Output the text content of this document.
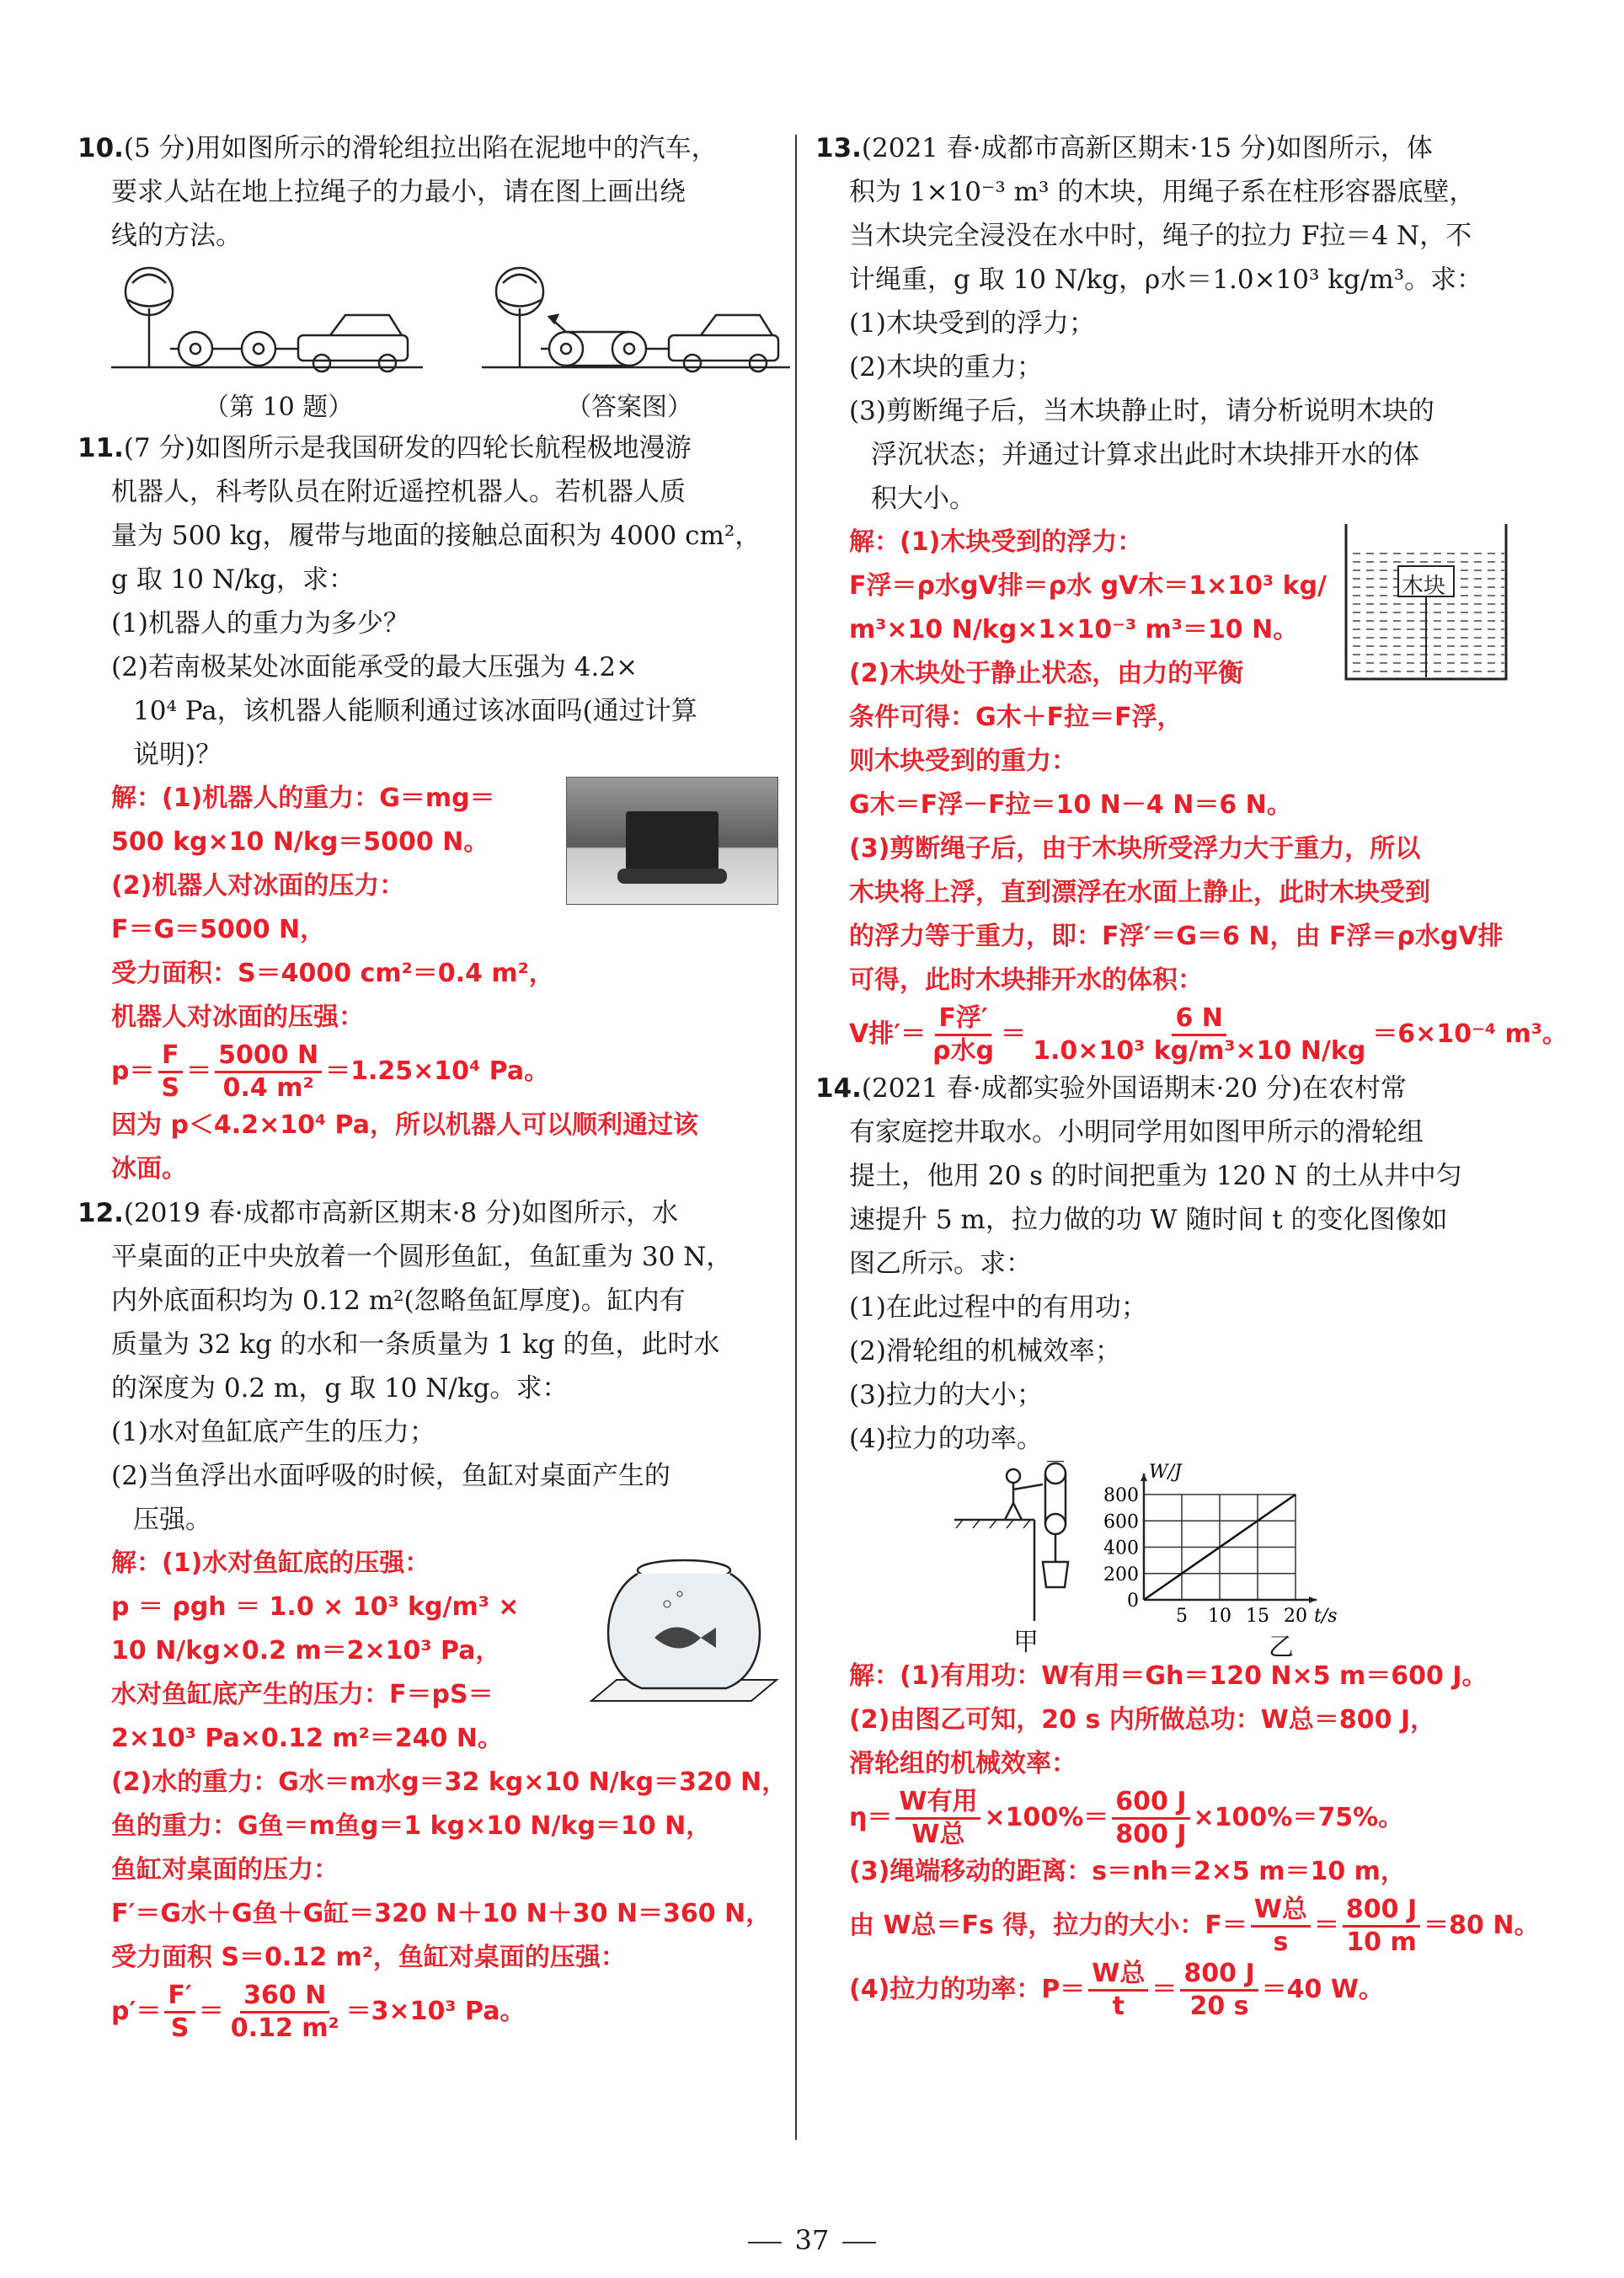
10.(5 分)用如图所示的滑轮组拉出陷在泥地中的汽车，

要求人站在地上拉绳子的力最小，请在图上画出绕

线的方法。

（第 10 题）	（答案图）

11.(7 分)如图所示是我国研发的四轮长航程极地漫游

机器人，科考队员在附近遥控机器人。若机器人质

量为 500 kg，履带与地面的接触总面积为 4000 cm²，

g 取 10 N/kg，求：

(1)机器人的重力为多少？

(2)若南极某处冰面能承受的最大压强为 4.2×

10⁴ Pa，该机器人能顺利通过该冰面吗(通过计算

说明)？

解：(1)机器人的重力：G＝mg＝

500 kg×10 N/kg＝5000 N。

(2)机器人对冰面的压力：

F＝G＝5000 N，

受力面积：S＝4000 cm²＝0.4 m²，

机器人对冰面的压强：

$p= \frac{F}{S} = \frac{5000 N}{\text{0.4 m²}} =1.25\times 10^4$ Pa。

因为 p＜4.2×10⁴ Pa，所以机器人可以顺利通过该

冰面。

12.(2019 春·成都市高新区期末·8 分)如图所示，水

平桌面的正中央放着一个圆形鱼缸，鱼缸重为 30 N，

内外底面积均为 0.12 m²(忽略鱼缸厚度)。缸内有

质量为 32 kg 的水和一条质量为 1 kg 的鱼，此时水

的深度为 0.2 m，g 取 10 N/kg。求：

(1)水对鱼缸底产生的压力；

(2)当鱼浮出水面呼吸的时候，鱼缸对桌面产生的

压强。

解：(1)水对鱼缸底的压强：

p ＝ ρgh ＝ 1.0 × 10³ kg/m³ ×

10 N/kg×0.2 m＝2×10³ Pa，

水对鱼缸底产生的压力：F＝pS＝

2×10³ Pa×0.12 m²＝240 N。

(2)水的重力：G水＝m水g＝32 kg×10 N/kg＝320 N，

鱼的重力：G鱼＝m鱼g＝1 kg×10 N/kg＝10 N，

鱼缸对桌面的压力：

F′＝G水＋G鱼＋G缸＝320 N＋10 N＋30 N＝360 N，

受力面积 S＝0.12 m²，鱼缸对桌面的压强：

$p'= \frac{F'}{S} = \frac{360 N}{\text{0.12 m²}} =3\times 10^3$ Pa。

13.(2021 春·成都市高新区期末·15 分)如图所示，体

积为 1×10⁻³ m³ 的木块，用绳子系在柱形容器底壁，

当木块完全浸没在水中时，绳子的拉力 F拉＝4 N，不

计绳重，g 取 10 N/kg，ρ水＝1.0×10³ kg/m³。求：

(1)木块受到的浮力；

(2)木块的重力；

(3)剪断绳子后，当木块静止时，请分析说明木块的

浮沉状态；并通过计算求出此时木块排开水的体

积大小。

木块

解：(1)木块受到的浮力：

F浮＝ρ水gV排＝ρ水 gV木＝1×10³ kg/

m³×10 N/kg×1×10⁻³ m³＝10 N。

(2)木块处于静止状态，由力的平衡

条件可得：G木＋F拉＝F浮，

则木块受到的重力：

G木＝F浮－F拉＝10 N－4 N＝6 N。

(3)剪断绳子后，由于木块所受浮力大于重力，所以

木块将上浮，直到漂浮在水面上静止，此时木块受到

的浮力等于重力，即：F浮′＝G＝6 N，由 F浮＝ρ水gV排

可得，此时木块排开水的体积：

V排′＝ $\frac{\text{F浮′}}{\text{ρ水g}} = \frac{6 N}{\text{1.0×10³ kg/m³×10 N/kg}} =6\times 10^{-4}$ m³。

14.(2021 春·成都实验外国语期末·20 分)在农村常

有家庭挖井取水。小明同学用如图甲所示的滑轮组

提土，他用 20 s 的时间把重为 120 N 的土从井中匀

速提升 5 m，拉力做的功 W 随时间 t 的变化图像如

图乙所示。求：

(1)在此过程中的有用功；

(2)滑轮组的机械效率；

(3)拉力的大小；

(4)拉力的功率。

甲
5 10 15 20
0
200
400
600
800
t/s
W/J
乙

解：(1)有用功：W有用＝Gh＝120 N×5 m＝600 J。

(2)由图乙可知，20 s 内所做总功：W总＝800 J，

滑轮组的机械效率：

$\eta= \frac{\text{W有用}}{\text{W总}} \times 100\%= \frac{600 J}{800 J} \times 100\%=75\%$。

(3)绳端移动的距离：s＝nh＝2×5 m＝10 m，

由 W总＝Fs 得，拉力的大小：$F= \frac{\text{W总}}{s} = \frac{800 J}{10 m} =80$ N。
(4)拉力的功率：$P= \frac{\text{W总}}{t} = \frac{800 J}{20 s} =40$ W。
37
